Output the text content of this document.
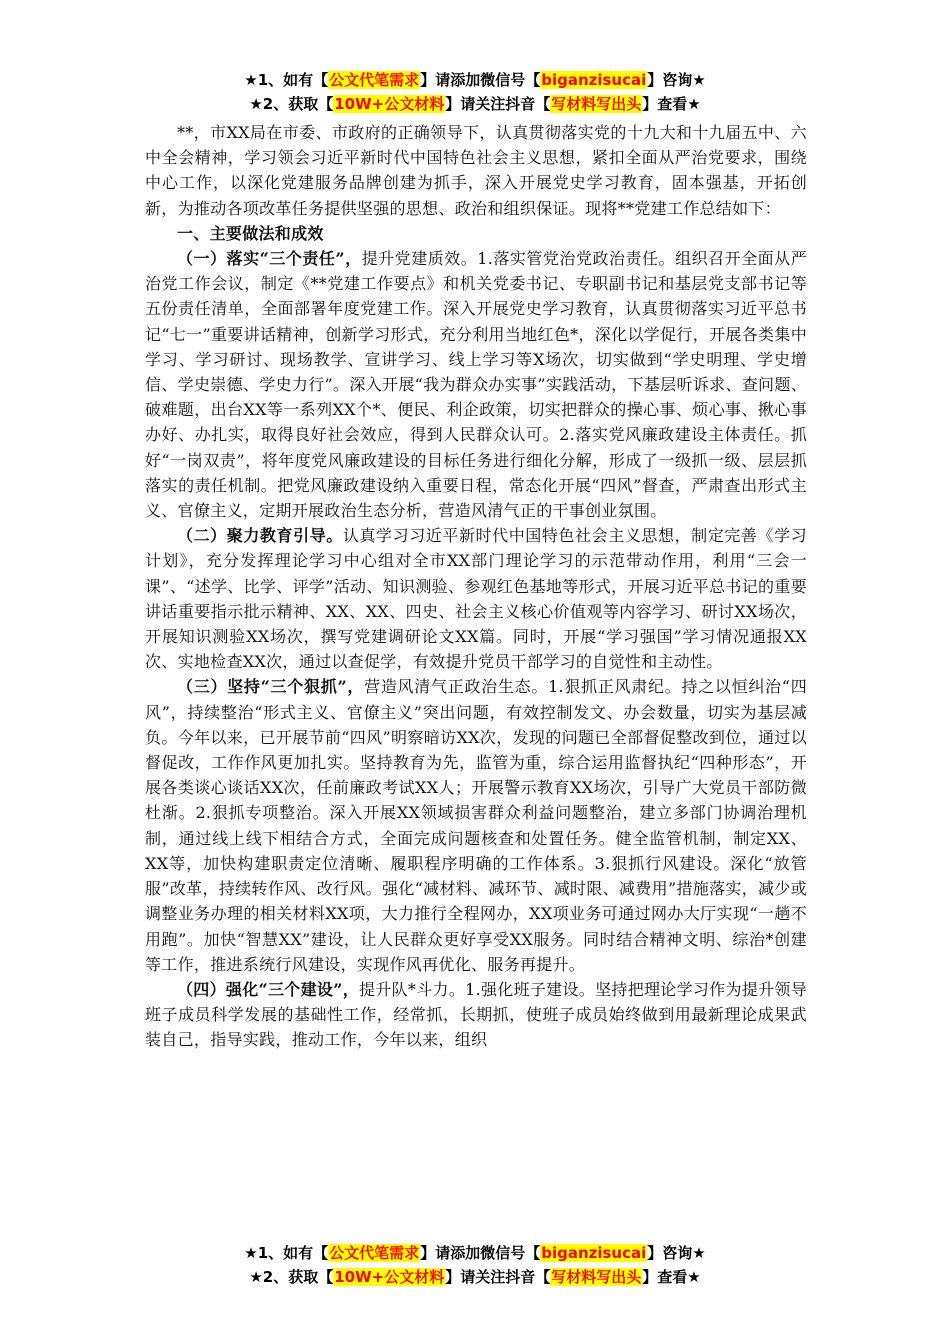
★1、如有【公文代笔需求】请添加微信号【biganzisucai】咨询★
★2、获取【10W+公文材料】请关注抖音【写材料写出头】查看★

**，市XX局在市委、市政府的正确领导下，认真贯彻落实党的十九大和十九届五中、六中全会精神，学习领会习近平新时代中国特色社会主义思想，紧扣全面从严治党要求，围绕中心工作，以深化党建服务品牌创建为抓手，深入开展党史学习教育，固本强基，开拓创新，为推动各项改革任务提供坚强的思想、政治和组织保证。现将**党建工作总结如下：

一、主要做法和成效

（一）落实“三个责任”，提升党建质效。1.落实管党治党政治责任。组织召开全面从严治党工作会议，制定《**党建工作要点》和机关党委书记、专职副书记和基层党支部书记等五份责任清单，全面部署年度党建工作。深入开展党史学习教育，认真贯彻落实习近平总书记“七一”重要讲话精神，创新学习形式，充分利用当地红色*，深化以学促行，开展各类集中学习、学习研讨、现场教学、宣讲学习、线上学习等X场次，切实做到“学史明理、学史增信、学史崇德、学史力行”。深入开展“我为群众办实事”实践活动，下基层听诉求、查问题、破难题，出台XX等一系列XX个*、便民、利企政策，切实把群众的操心事、烦心事、揪心事办好、办扎实，取得良好社会效应，得到人民群众认可。2.落实党风廉政建设主体责任。抓好“一岗双责”，将年度党风廉政建设的目标任务进行细化分解，形成了一级抓一级、层层抓落实的责任机制。把党风廉政建设纳入重要日程，常态化开展“四风”督查，严肃查出形式主义、官僚主义，定期开展政治生态分析，营造风清气正的干事创业氛围。

（二）聚力教育引导。认真学习习近平新时代中国特色社会主义思想，制定完善《学习计划》，充分发挥理论学习中心组对全市XX部门理论学习的示范带动作用，利用“三会一课”、“述学、比学、评学”活动、知识测验、参观红色基地等形式，开展习近平总书记的重要讲话重要指示批示精神、XX、XX、四史、社会主义核心价值观等内容学习、研讨XX场次，开展知识测验XX场次，撰写党建调研论文XX篇。同时，开展“学习强国”学习情况通报XX次、实地检查XX次，通过以查促学，有效提升党员干部学习的自觉性和主动性。

（三）坚持“三个狠抓”，营造风清气正政治生态。1.狠抓正风肃纪。持之以恒纠治“四风”，持续整治“形式主义、官僚主义”突出问题，有效控制发文、办会数量，切实为基层减负。今年以来，已开展节前“四风”明察暗访XX次，发现的问题已全部督促整改到位，通过以督促改，工作作风更加扎实。坚持教育为先，监管为重，综合运用监督执纪“四种形态”，开展各类谈心谈话XX次，任前廉政考试XX人；开展警示教育XX场次，引导广大党员干部防微杜渐。2.狠抓专项整治。深入开展XX领域损害群众利益问题整治，建立多部门协调治理机制，通过线上线下相结合方式，全面完成问题核查和处置任务。健全监管机制，制定XX、XX等，加快构建职责定位清晰、履职程序明确的工作体系。3.狠抓行风建设。深化“放管服”改革，持续转作风、改行风。强化“减材料、减环节、减时限、减费用”措施落实，减少或调整业务办理的相关材料XX项，大力推行全程网办，XX项业务可通过网办大厅实现“一趟不用跑”。加快“智慧XX”建设，让人民群众更好享受XX服务。同时结合精神文明、综治*创建等工作，推进系统行风建设，实现作风再优化、服务再提升。

（四）强化“三个建设”，提升队*斗力。1.强化班子建设。坚持把理论学习作为提升领导班子成员科学发展的基础性工作，经常抓，长期抓，使班子成员始终做到用最新理论成果武装自己，指导实践，推动工作，今年以来，组织

★1、如有【公文代笔需求】请添加微信号【biganzisucai】咨询★
★2、获取【10W+公文材料】请关注抖音【写材料写出头】查看★
